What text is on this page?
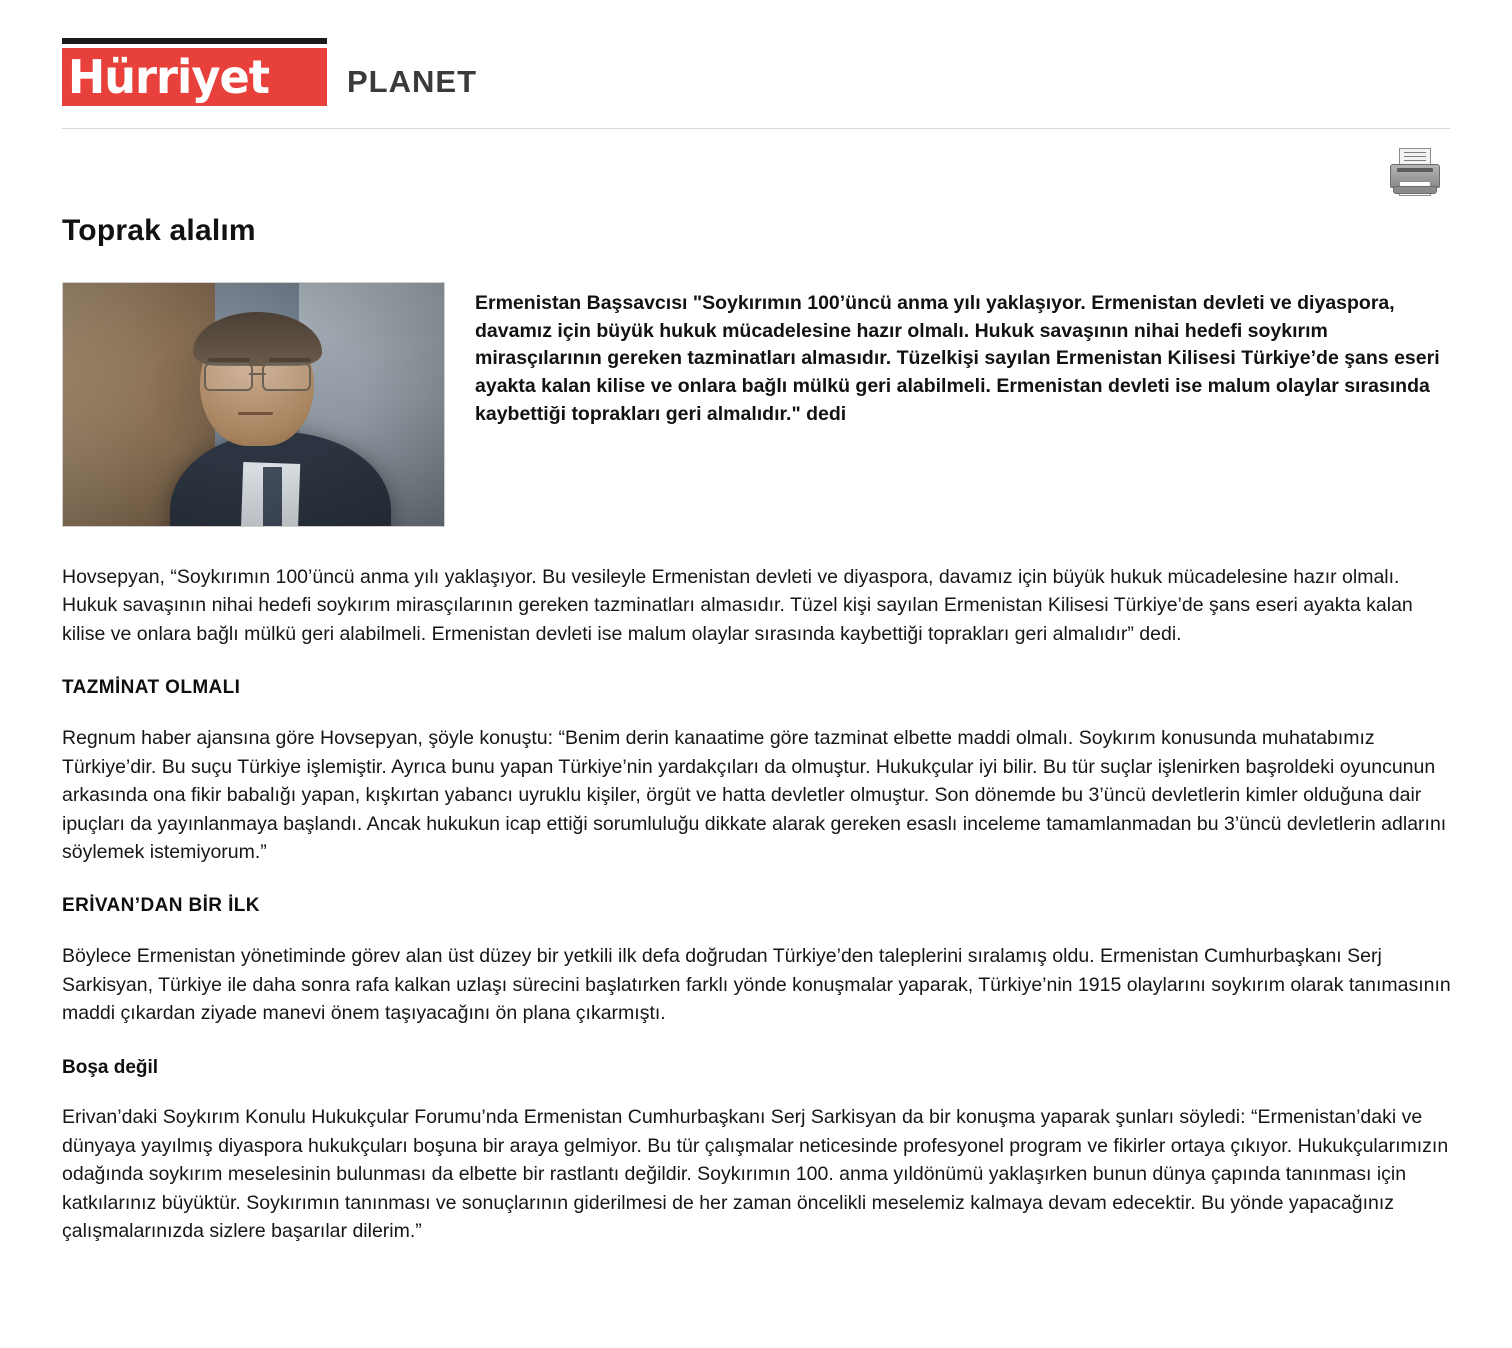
Hürriyet	PLANET
Toprak alalım
Ermenistan Başsavcısı "Soykırımın 100’üncü anma yılı yaklaşıyor. Ermenistan devleti ve diyaspora, davamız için büyük hukuk mücadelesine hazır olmalı. Hukuk savaşının nihai hedefi soykırım mirasçılarının gereken tazminatları almasıdır. Tüzelkişi sayılan Ermenistan Kilisesi Türkiye’de şans eseri ayakta kalan kilise ve onlara bağlı mülkü geri alabilmeli. Ermenistan devleti ise malum olaylar sırasında kaybettiği toprakları geri almalıdır." dedi

Hovsepyan, “Soykırımın 100’üncü anma yılı yaklaşıyor. Bu vesileyle Ermenistan devleti ve diyaspora, davamız için büyük hukuk mücadelesine hazır olmalı. Hukuk savaşının nihai hedefi soykırım mirasçılarının gereken tazminatları almasıdır. Tüzel kişi sayılan Ermenistan Kilisesi Türkiye’de şans eseri ayakta kalan kilise ve onlara bağlı mülkü geri alabilmeli. Ermenistan devleti ise malum olaylar sırasında kaybettiği toprakları geri almalıdır” dedi.

TAZMİNAT OLMALI

Regnum haber ajansına göre Hovsepyan, şöyle konuştu: “Benim derin kanaatime göre tazminat elbette maddi olmalı. Soykırım konusunda muhatabımız Türkiye’dir. Bu suçu Türkiye işlemiştir. Ayrıca bunu yapan Türkiye’nin yardakçıları da olmuştur. Hukukçular iyi bilir. Bu tür suçlar işlenirken başroldeki oyuncunun arkasında ona fikir babalığı yapan, kışkırtan yabancı uyruklu kişiler, örgüt ve hatta devletler olmuştur. Son dönemde bu 3’üncü devletlerin kimler olduğuna dair ipuçları da yayınlanmaya başlandı. Ancak hukukun icap ettiği sorumluluğu dikkate alarak gereken esaslı inceleme tamamlanmadan bu 3’üncü devletlerin adlarını söylemek istemiyorum.”

ERİVAN’DAN BİR İLK

Böylece Ermenistan yönetiminde görev alan üst düzey bir yetkili ilk defa doğrudan Türkiye’den taleplerini sıralamış oldu. Ermenistan Cumhurbaşkanı Serj Sarkisyan, Türkiye ile daha sonra rafa kalkan uzlaşı sürecini başlatırken farklı yönde konuşmalar yaparak, Türkiye’nin 1915 olaylarını soykırım olarak tanımasının maddi çıkardan ziyade manevi önem taşıyacağını ön plana çıkarmıştı.

Boşa değil

Erivan’daki Soykırım Konulu Hukukçular Forumu’nda Ermenistan Cumhurbaşkanı Serj Sarkisyan da bir konuşma yaparak şunları söyledi: “Ermenistan’daki ve dünyaya yayılmış diyaspora hukukçuları boşuna bir araya gelmiyor. Bu tür çalışmalar neticesinde profesyonel program ve fikirler ortaya çıkıyor. Hukukçularımızın odağında soykırım meselesinin bulunması da elbette bir rastlantı değildir. Soykırımın 100. anma yıldönümü yaklaşırken bunun dünya çapında tanınması için katkılarınız büyüktür. Soykırımın tanınması ve sonuçlarının giderilmesi de her zaman öncelikli meselemiz kalmaya devam edecektir. Bu yönde yapacağınız çalışmalarınızda sizlere başarılar dilerim.”
